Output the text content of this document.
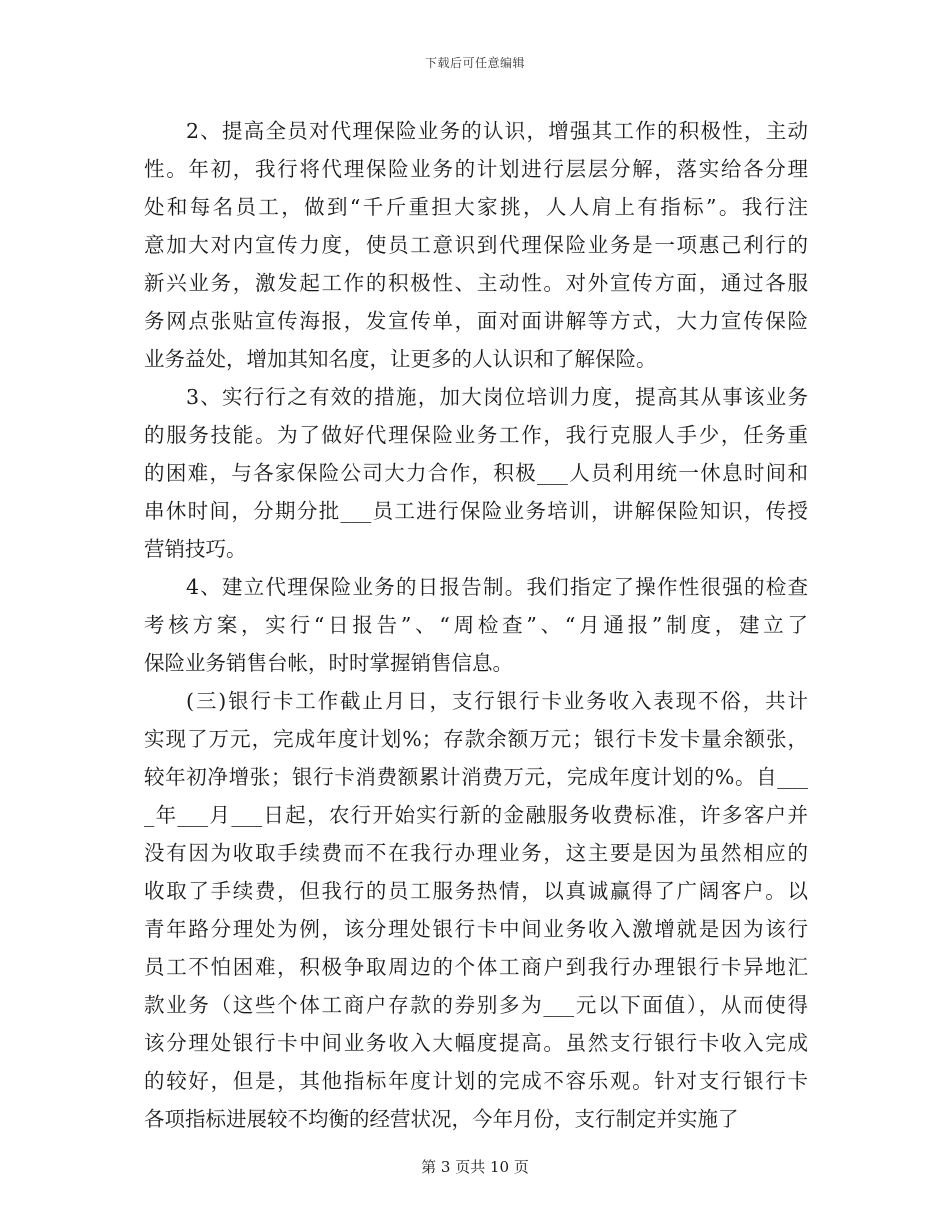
下载后可任意编辑
2、提高全员对代理保险业务的认识，增强其工作的积极性，主动
性。年初，我行将代理保险业务的计划进行层层分解，落实给各分理
处和每名员工，做到“千斤重担大家挑，人人肩上有指标”。我行注
意加大对内宣传力度，使员工意识到代理保险业务是一项惠己利行的
新兴业务，激发起工作的积极性、主动性。对外宣传方面，通过各服
务网点张贴宣传海报，发宣传单，面对面讲解等方式，大力宣传保险
业务益处，增加其知名度，让更多的人认识和了解保险。
3、实行行之有效的措施，加大岗位培训力度，提高其从事该业务
的服务技能。为了做好代理保险业务工作，我行克服人手少，任务重
的困难，与各家保险公司大力合作，积极___人员利用统一休息时间和
串休时间，分期分批___员工进行保险业务培训，讲解保险知识，传授
营销技巧。
4、建立代理保险业务的日报告制。我们指定了操作性很强的检查
考核方案，实行“日报告”、“周检查”、“月通报”制度，建立了
保险业务销售台帐，时时掌握销售信息。
(三)银行卡工作截止月日，支行银行卡业务收入表现不俗，共计
实现了万元，完成年度计划%；存款余额万元；银行卡发卡量余额张，
较年初净增张；银行卡消费额累计消费万元，完成年度计划的%。自___
_年___月___日起，农行开始实行新的金融服务收费标准，许多客户并
没有因为收取手续费而不在我行办理业务，这主要是因为虽然相应的
收取了手续费，但我行的员工服务热情，以真诚赢得了广阔客户。以
青年路分理处为例，该分理处银行卡中间业务收入激增就是因为该行
员工不怕困难，积极争取周边的个体工商户到我行办理银行卡异地汇
款业务（这些个体工商户存款的券别多为___元以下面值），从而使得
该分理处银行卡中间业务收入大幅度提高。虽然支行银行卡收入完成
的较好，但是，其他指标年度计划的完成不容乐观。针对支行银行卡
各项指标进展较不均衡的经营状况，今年月份，支行制定并实施了
第 3 页共 10 页
